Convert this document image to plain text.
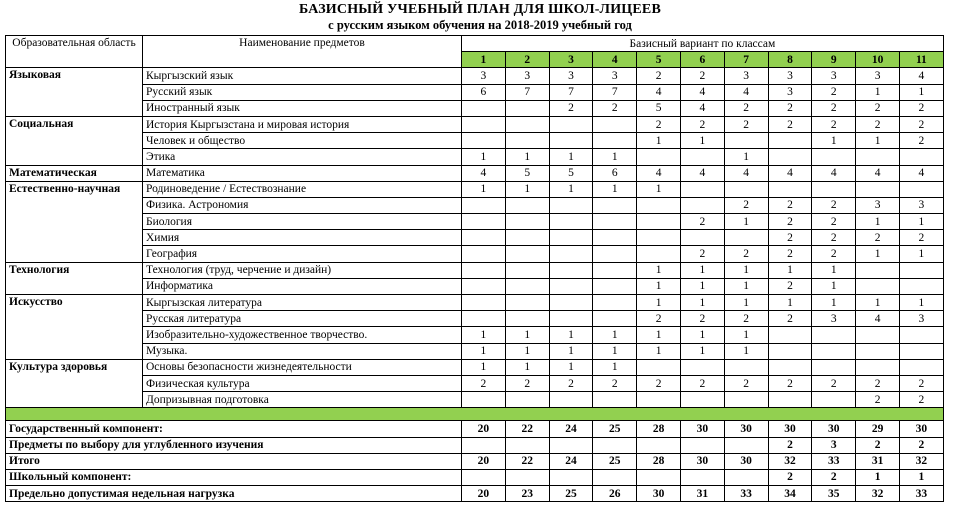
БАЗИСНЫЙ УЧЕБНЫЙ ПЛАН ДЛЯ ШКОЛ-ЛИЦЕЕВ
с русским языком обучения на 2018-2019 учебный год
Образовательная область	Наименование предметов	Базисный вариант по классам										
		1	2	3	4	5	6	7	8	9	10	11
Языковая	Кыргызский язык	3	3	3	3	2	2	3	3	3	3	4
	Русский язык	6	7	7	7	4	4	4	3	2	1	1
	Иностранный язык			2	2	5	4	2	2	2	2	2
Социальная	История Кыргызстана и мировая история					2	2	2	2	2	2	2
	Человек и общество					1	1			1	1	2
	Этика	1	1	1	1			1				
Математическая	Математика	4	5	5	6	4	4	4	4	4	4	4
Естественно-научная	Родиноведение / Естествознание	1	1	1	1	1						
	Физика. Астрономия							2	2	2	3	3
	Биология						2	1	2	2	1	1
	Химия								2	2	2	2
	География						2	2	2	2	1	1
Технология	Технология (труд, черчение и дизайн)					1	1	1	1	1		
	Информатика					1	1	1	2	1		
Искусство	Кыргызская литература					1	1	1	1	1	1	1
	Русская литература					2	2	2	2	3	4	3
	Изобразительно-художественное творчество.	1	1	1	1	1	1	1				
	Музыка.	1	1	1	1	1	1	1				
Культура здоровья	Основы безопасности жизнедеятельности	1	1	1	1							
	Физическая культура	2	2	2	2	2	2	2	2	2	2	2
	Допризывная подготовка										2	2

Государственный компонент:		20	22	24	25	28	30	30	30	30	29	30
Предметы по выбору для углубленного изучения									2	3	2	2
Итого		20	22	24	25	28	30	30	32	33	31	32
Школьный компонент:									2	2	1	1
Предельно допустимая недельная нагрузка		20	23	25	26	30	31	33	34	35	32	33
